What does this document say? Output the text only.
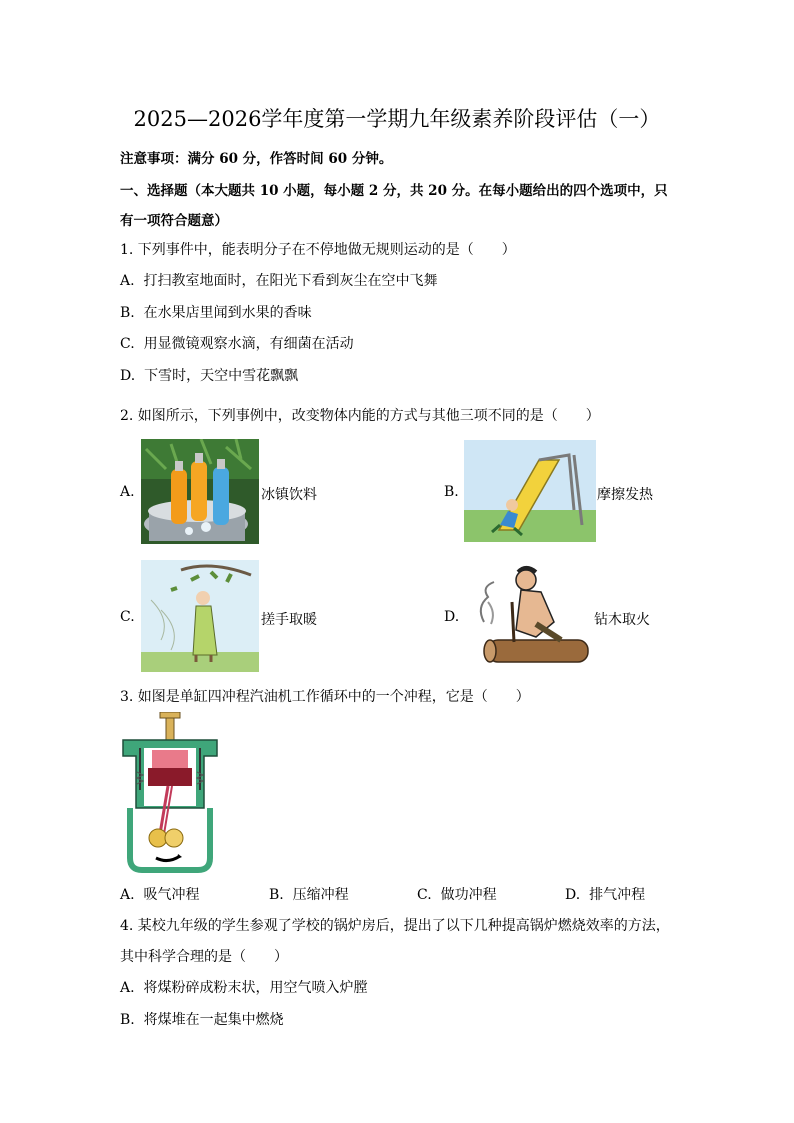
2025—2026学年度第一学期九年级素养阶段评估（一）
注意事项：满分 60 分，作答时间 60 分钟。
一、选择题（本大题共 10 小题，每小题 2 分，共 20 分。在每小题给出的四个选项中，只
有一项符合题意）
1. 下列事件中，能表明分子在不停地做无规则运动的是（　　）
A. 打扫教室地面时，在阳光下看到灰尘在空中飞舞
B. 在水果店里闻到水果的香味
C. 用显微镜观察水滴，有细菌在活动
D. 下雪时，天空中雪花飘飘
2. 如图所示，下列事例中，改变物体内能的方式与其他三项不同的是（　　）
A.	冰镇饮料	B.	摩擦发热
C.	搓手取暖	D.	钻木取火
3. 如图是单缸四冲程汽油机工作循环中的一个冲程，它是（　　）
A. 吸气冲程	B. 压缩冲程	C. 做功冲程	D. 排气冲程
4. 某校九年级的学生参观了学校的锅炉房后，提出了以下几种提高锅炉燃烧效率的方法，
其中科学合理的是（　　）
A. 将煤粉碎成粉末状，用空气喷入炉膛
B. 将煤堆在一起集中燃烧
